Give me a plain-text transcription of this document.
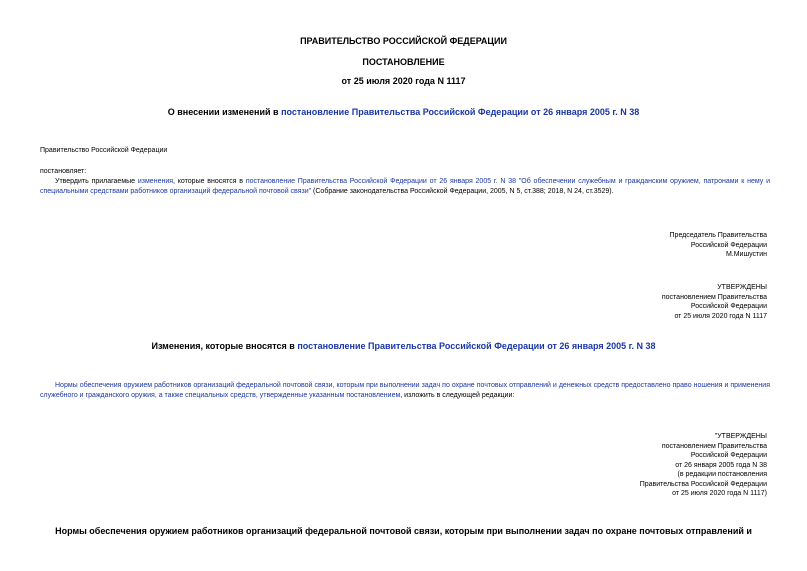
ПРАВИТЕЛЬСТВО РОССИЙСКОЙ ФЕДЕРАЦИИ
ПОСТАНОВЛЕНИЕ
от 25 июля 2020 года N 1117
О внесении изменений в постановление Правительства Российской Федерации от 26 января 2005 г. N 38
Правительство Российской Федерации
постановляет:
Утвердить прилагаемые изменения, которые вносятся в постановление Правительства Российской Федерации от 26 января 2005 г. N 38 "Об обеспечении служебным и гражданским оружием, патронами к нему и специальными средствами работников организаций федеральной почтовой связи" (Собрание законодательства Российской Федерации, 2005, N 5, ст.388; 2018, N 24, ст.3529).
Председатель Правительства
Российской Федерации
М.Мишустин
УТВЕРЖДЕНЫ
постановлением Правительства
Российской Федерации
от 25 июля 2020 года N 1117
Изменения, которые вносятся в постановление Правительства Российской Федерации от 26 января 2005 г. N 38
Нормы обеспечения оружием работников организаций федеральной почтовой связи, которым при выполнении задач по охране почтовых отправлений и денежных средств предоставлено право ношения и применения служебного и гражданского оружия, а также специальных средств, утвержденные указанным постановлением, изложить в следующей редакции:
"УТВЕРЖДЕНЫ
постановлением Правительства
Российской Федерации
от 26 января 2005 года N 38
(в редакции постановления
Правительства Российской Федерации
от 25 июля 2020 года N 1117)
Нормы обеспечения оружием работников организаций федеральной почтовой связи, которым при выполнении задач по охране почтовых отправлений и
